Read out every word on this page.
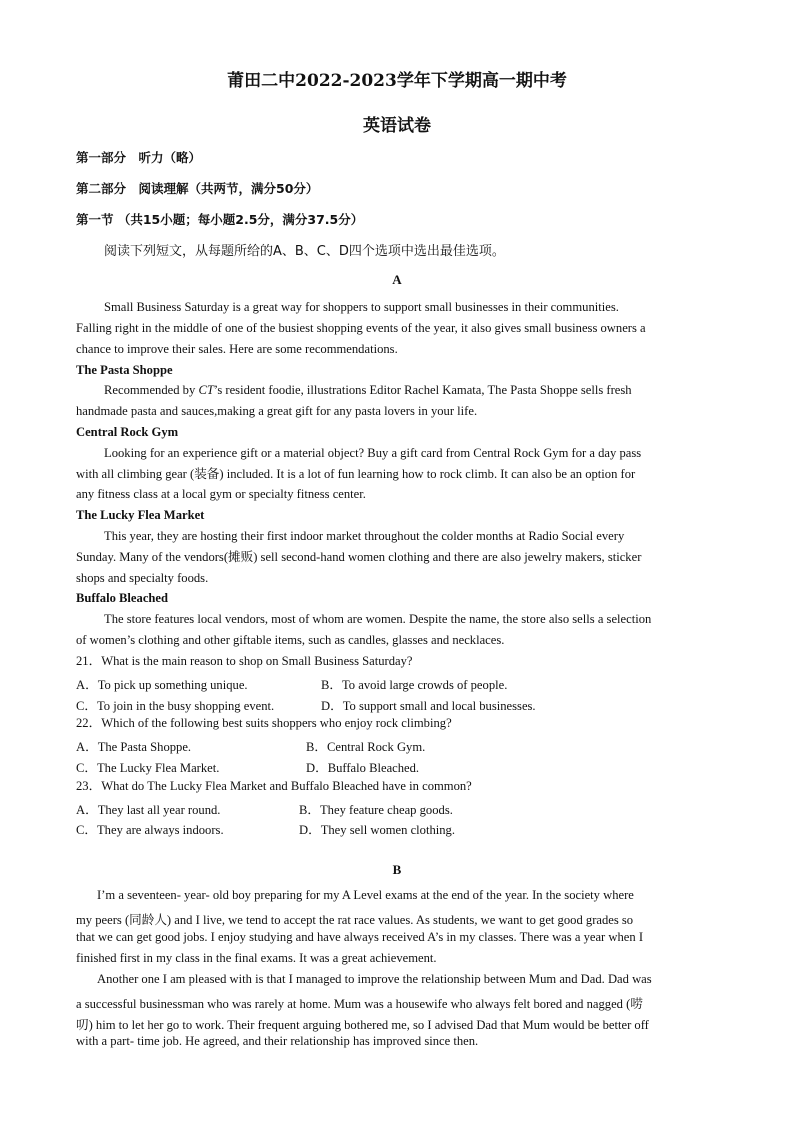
莆田二中2022-2023学年下学期高一期中考
英语试卷
第一部分　听力（略）
第二部分　阅读理解（共两节，满分50分）
第一节 （共15小题；每小题2.5分，满分37.5分）
阅读下列短文，从每题所给的A、B、C、D四个选项中选出最佳选项。
A
Small Business Saturday is a great way for shoppers to support small businesses in their communities.
Falling right in the middle of one of the busiest shopping events of the year, it also gives small business owners a
chance to improve their sales. Here are some recommendations.
The Pasta Shoppe
Recommended by CT’s resident foodie, illustrations Editor Rachel Kamata, The Pasta Shoppe sells fresh
handmade pasta and sauces,making a great gift for any pasta lovers in your life.
Central Rock Gym
Looking for an experience gift or a material object? Buy a gift card from Central Rock Gym for a day pass
with all climbing gear (装备) included. It is a lot of fun learning how to rock climb. It can also be an option for
any fitness class at a local gym or specialty fitness center.
The Lucky Flea Market
This year, they are hosting their first indoor market throughout the colder months at Radio Social every
Sunday. Many of the vendors(摊贩) sell second-hand women clothing and there are also jewelry makers, sticker
shops and specialty foods.
Buffalo Bleached
The store features local vendors, most of whom are women. Despite the name, the store also sells a selection
of women’s clothing and other giftable items, such as candles, glasses and necklaces.
21．What is the main reason to shop on Small Business Saturday?
A．To pick up something unique.	B．To avoid large crowds of people.
C．To join in the busy shopping event.	D．To support small and local businesses.
22．Which of the following best suits shoppers who enjoy rock climbing?
A．The Pasta Shoppe.	B．Central Rock Gym.
C．The Lucky Flea Market.	D．Buffalo Bleached.
23．What do The Lucky Flea Market and Buffalo Bleached have in common?
A．They last all year round.	B．They feature cheap goods.
C．They are always indoors.	D．They sell women clothing.
B
I’m a seventeen- year- old boy preparing for my A Level exams at the end of the year. In the society where
my peers (同龄人) and I live, we tend to accept the rat race values. As students, we want to get good grades so
that we can get good jobs. I enjoy studying and have always received A’s in my classes. There was a year when I
finished first in my class in the final exams. It was a great achievement.
Another one I am pleased with is that I managed to improve the relationship between Mum and Dad. Dad was
a successful businessman who was rarely at home. Mum was a housewife who always felt bored and nagged (唠
叨) him to let her go to work. Their frequent arguing bothered me, so I advised Dad that Mum would be better off
with a part- time job. He agreed, and their relationship has improved since then.
